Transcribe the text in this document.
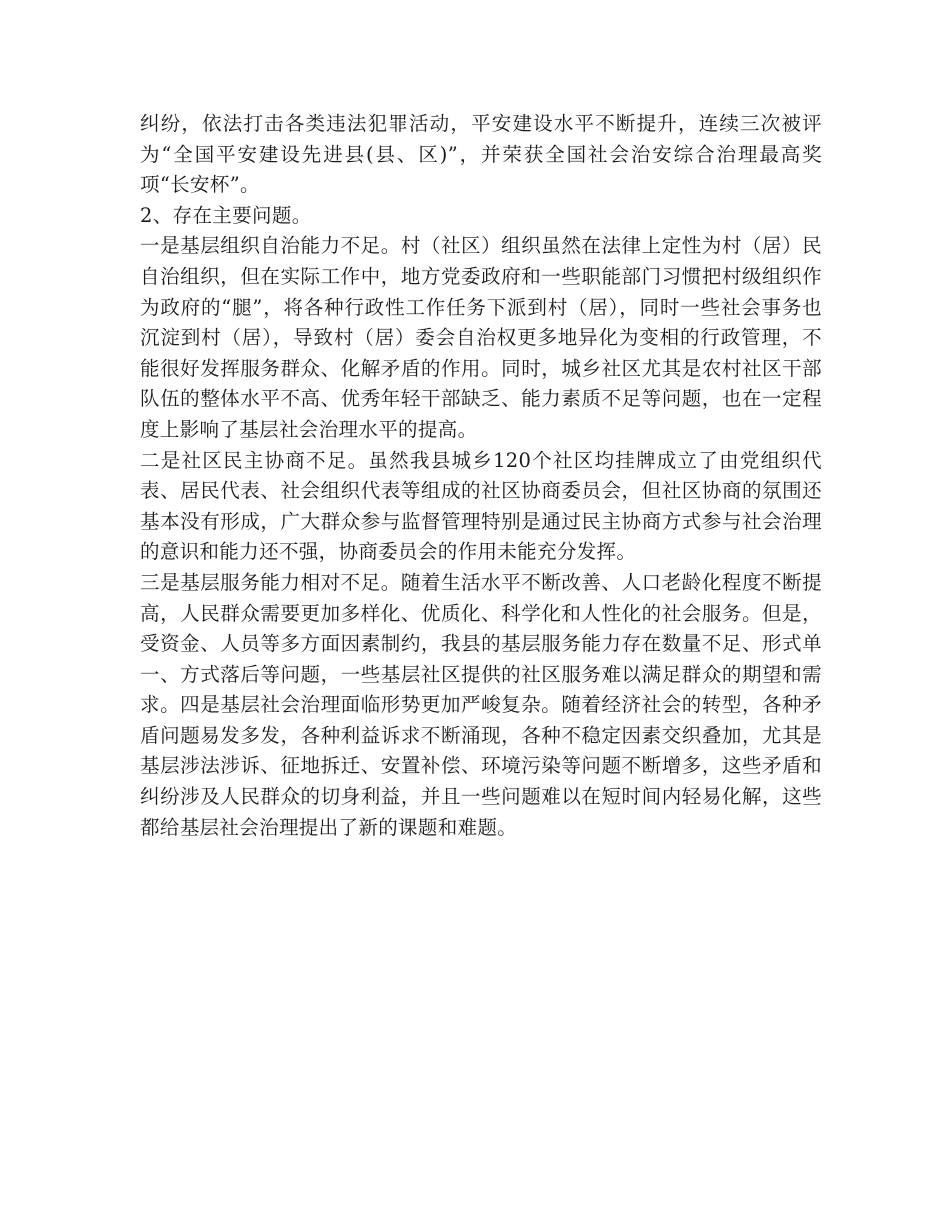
纠纷，依法打击各类违法犯罪活动，平安建设水平不断提升，连续三次被评为“全国平安建设先进县(县、区)”，并荣获全国社会治安综合治理最高奖项“长安杯”。

2、存在主要问题。

一是基层组织自治能力不足。村（社区）组织虽然在法律上定性为村（居）民自治组织，但在实际工作中，地方党委政府和一些职能部门习惯把村级组织作为政府的“腿”，将各种行政性工作任务下派到村（居），同时一些社会事务也沉淀到村（居），导致村（居）委会自治权更多地异化为变相的行政管理，不能很好发挥服务群众、化解矛盾的作用。同时，城乡社区尤其是农村社区干部队伍的整体水平不高、优秀年轻干部缺乏、能力素质不足等问题，也在一定程度上影响了基层社会治理水平的提高。

二是社区民主协商不足。虽然我县城乡120个社区均挂牌成立了由党组织代表、居民代表、社会组织代表等组成的社区协商委员会，但社区协商的氛围还基本没有形成，广大群众参与监督管理特别是通过民主协商方式参与社会治理的意识和能力还不强，协商委员会的作用未能充分发挥。

三是基层服务能力相对不足。随着生活水平不断改善、人口老龄化程度不断提高，人民群众需要更加多样化、优质化、科学化和人性化的社会服务。但是，受资金、人员等多方面因素制约，我县的基层服务能力存在数量不足、形式单一、方式落后等问题，一些基层社区提供的社区服务难以满足群众的期望和需求。四是基层社会治理面临形势更加严峻复杂。随着经济社会的转型，各种矛盾问题易发多发，各种利益诉求不断涌现，各种不稳定因素交织叠加，尤其是基层涉法涉诉、征地拆迁、安置补偿、环境污染等问题不断增多，这些矛盾和纠纷涉及人民群众的切身利益，并且一些问题难以在短时间内轻易化解，这些都给基层社会治理提出了新的课题和难题。
